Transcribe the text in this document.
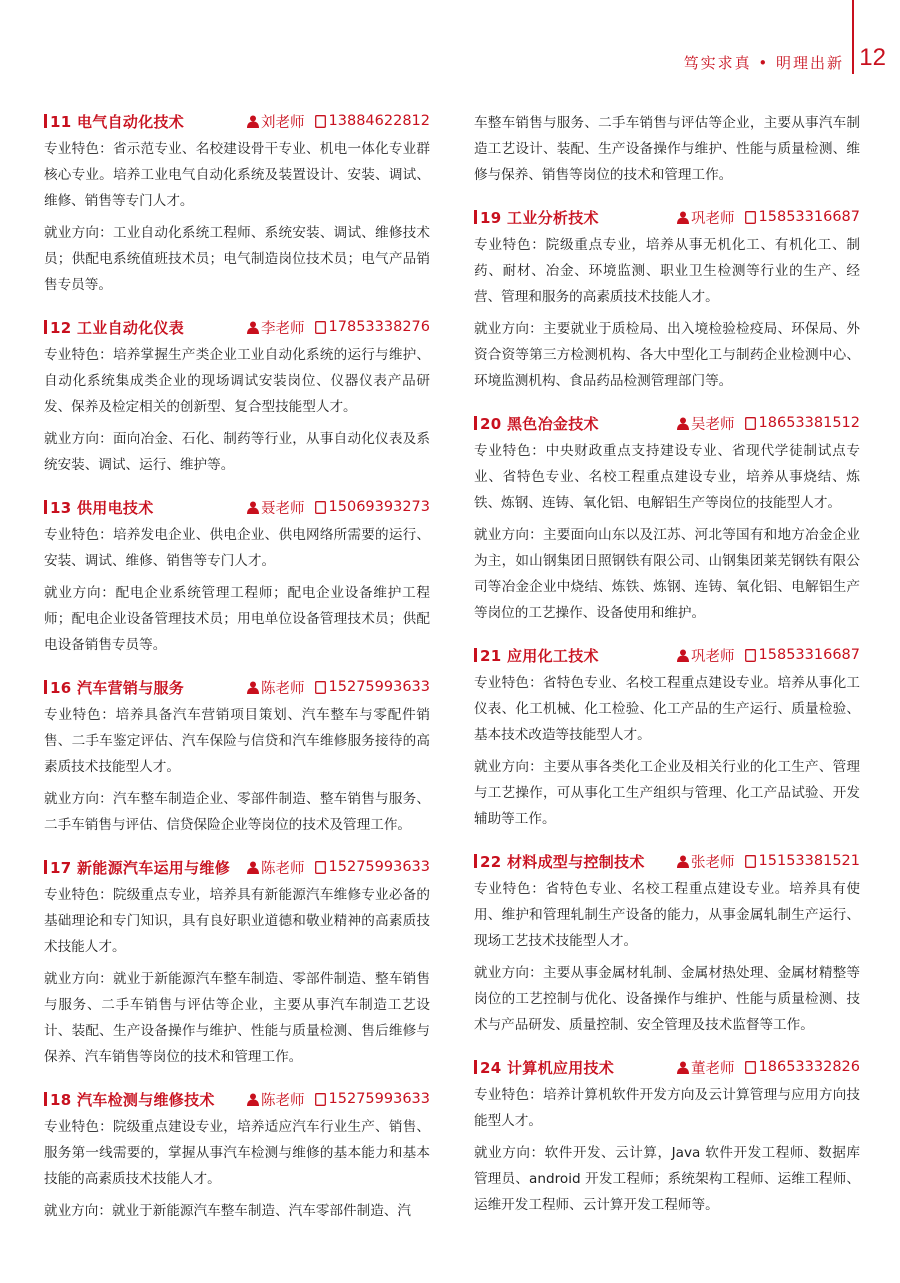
笃实求真 • 明理出新 12
11 电气自动化技术	刘老师 13884622812

专业特色：省示范专业、名校建设骨干专业、机电一体化专业群核心专业。培养工业电气自动化系统及装置设计、安装、调试、维修、销售等专门人才。

就业方向：工业自动化系统工程师、系统安装、调试、维修技术员；供配电系统值班技术员；电气制造岗位技术员；电气产品销售专员等。

12 工业自动化仪表	李老师 17853338276

专业特色：培养掌握生产类企业工业自动化系统的运行与维护、自动化系统集成类企业的现场调试安装岗位、仪器仪表产品研发、保养及检定相关的创新型、复合型技能型人才。

就业方向：面向冶金、石化、制药等行业，从事自动化仪表及系统安装、调试、运行、维护等。

13 供用电技术	聂老师 15069393273

专业特色：培养发电企业、供电企业、供电网络所需要的运行、安装、调试、维修、销售等专门人才。

就业方向：配电企业系统管理工程师；配电企业设备维护工程师；配电企业设备管理技术员；用电单位设备管理技术员；供配电设备销售专员等。

16 汽车营销与服务	陈老师 15275993633

专业特色：培养具备汽车营销项目策划、汽车整车与零配件销售、二手车鉴定评估、汽车保险与信贷和汽车维修服务接待的高素质技术技能型人才。

就业方向：汽车整车制造企业、零部件制造、整车销售与服务、二手车销售与评估、信贷保险企业等岗位的技术及管理工作。

17 新能源汽车运用与维修 陈老师 15275993633

专业特色：院级重点专业，培养具有新能源汽车维修专业必备的基础理论和专门知识，具有良好职业道德和敬业精神的高素质技术技能人才。

就业方向：就业于新能源汽车整车制造、零部件制造、整车销售与服务、二手车销售与评估等企业，主要从事汽车制造工艺设计、装配、生产设备操作与维护、性能与质量检测、售后维修与保养、汽车销售等岗位的技术和管理工作。

18 汽车检测与维修技术	陈老师 15275993633

专业特色：院级重点建设专业，培养适应汽车行业生产、销售、服务第一线需要的，掌握从事汽车检测与维修的基本能力和基本技能的高素质技术技能人才。

就业方向：就业于新能源汽车整车制造、汽车零部件制造、汽

车整车销售与服务、二手车销售与评估等企业，主要从事汽车制造工艺设计、装配、生产设备操作与维护、性能与质量检测、维修与保养、销售等岗位的技术和管理工作。

19 工业分析技术	巩老师 15853316687

专业特色：院级重点专业，培养从事无机化工、有机化工、制药、耐材、冶金、环境监测、职业卫生检测等行业的生产、经营、管理和服务的高素质技术技能人才。

就业方向：主要就业于质检局、出入境检验检疫局、环保局、外资合资等第三方检测机构、各大中型化工与制药企业检测中心、环境监测机构、食品药品检测管理部门等。

20 黑色冶金技术	吴老师 18653381512

专业特色：中央财政重点支持建设专业、省现代学徒制试点专业、省特色专业、名校工程重点建设专业，培养从事烧结、炼铁、炼钢、连铸、氧化铝、电解铝生产等岗位的技能型人才。

就业方向：主要面向山东以及江苏、河北等国有和地方冶金企业为主，如山钢集团日照钢铁有限公司、山钢集团莱芜钢铁有限公司等冶金企业中烧结、炼铁、炼钢、连铸、氧化铝、电解铝生产等岗位的工艺操作、设备使用和维护。

21 应用化工技术	巩老师 15853316687

专业特色：省特色专业、名校工程重点建设专业。培养从事化工仪表、化工机械、化工检验、化工产品的生产运行、质量检验、基本技术改造等技能型人才。

就业方向：主要从事各类化工企业及相关行业的化工生产、管理与工艺操作，可从事化工生产组织与管理、化工产品试验、开发辅助等工作。

22 材料成型与控制技术	张老师 15153381521

专业特色：省特色专业、名校工程重点建设专业。培养具有使用、维护和管理轧制生产设备的能力，从事金属轧制生产运行、现场工艺技术技能型人才。

就业方向：主要从事金属材轧制、金属材热处理、金属材精整等岗位的工艺控制与优化、设备操作与维护、性能与质量检测、技术与产品研发、质量控制、安全管理及技术监督等工作。

24 计算机应用技术	董老师 18653332826

专业特色：培养计算机软件开发方向及云计算管理与应用方向技能型人才。

就业方向：软件开发、云计算，Java 软件开发工程师、数据库管理员、android 开发工程师；系统架构工程师、运维工程师、运维开发工程师、云计算开发工程师等。
